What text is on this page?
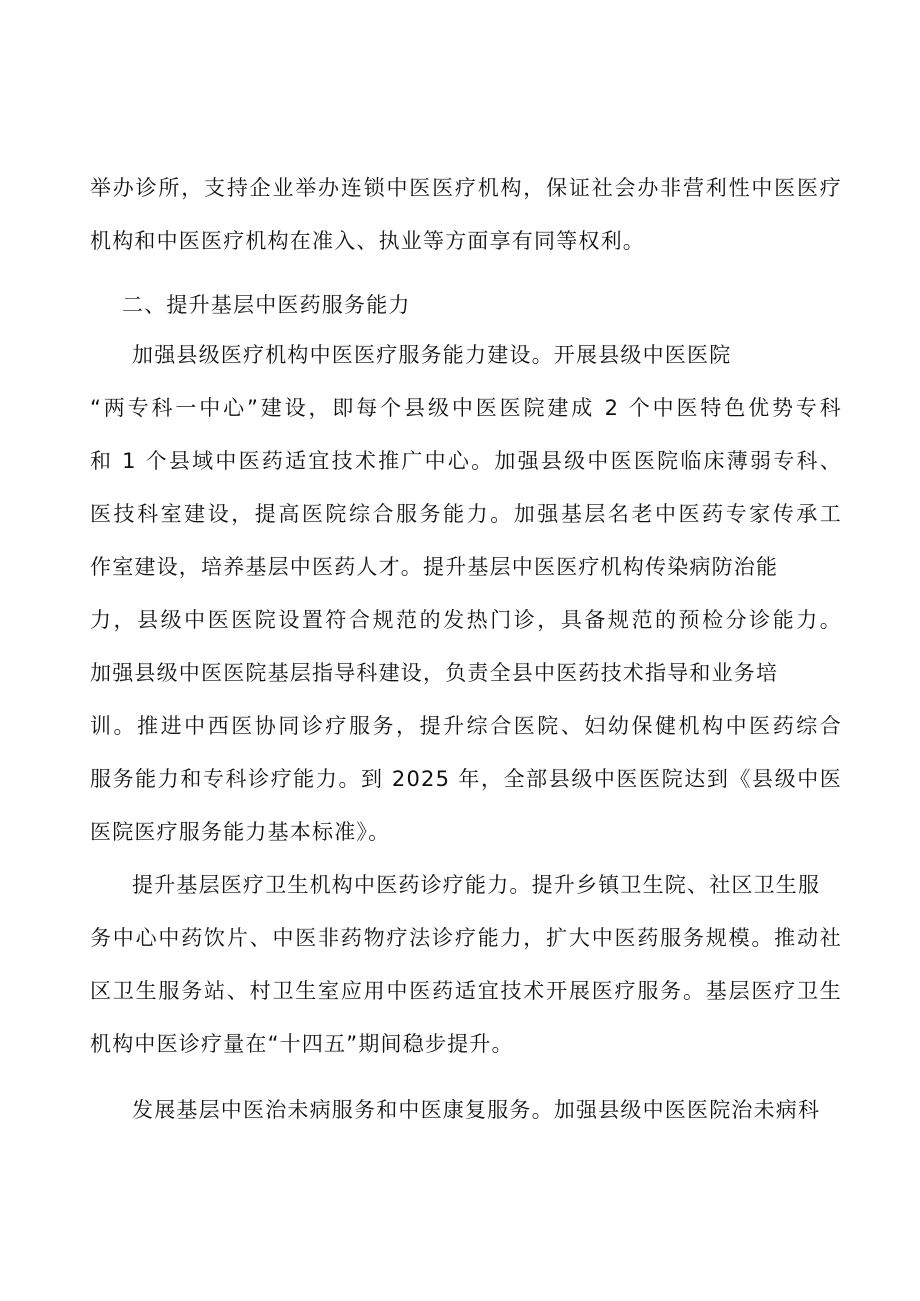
举办诊所，支持企业举办连锁中医医疗机构，保证社会办非营利性中医医疗
机构和中医医疗机构在准入、执业等方面享有同等权利。
二、提升基层中医药服务能力
加强县级医疗机构中医医疗服务能力建设。开展县级中医医院
“两专科一中心”建设，即每个县级中医医院建成 2 个中医特色优势专科
和 1 个县域中医药适宜技术推广中心。加强县级中医医院临床薄弱专科、
医技科室建设，提高医院综合服务能力。加强基层名老中医药专家传承工
作室建设，培养基层中医药人才。提升基层中医医疗机构传染病防治能
力，县级中医医院设置符合规范的发热门诊，具备规范的预检分诊能力。
加强县级中医医院基层指导科建设，负责全县中医药技术指导和业务培
训。推进中西医协同诊疗服务，提升综合医院、妇幼保健机构中医药综合
服务能力和专科诊疗能力。到 2025 年，全部县级中医医院达到《县级中医
医院医疗服务能力基本标准》。
提升基层医疗卫生机构中医药诊疗能力。提升乡镇卫生院、社区卫生服
务中心中药饮片、中医非药物疗法诊疗能力，扩大中医药服务规模。推动社
区卫生服务站、村卫生室应用中医药适宜技术开展医疗服务。基层医疗卫生
机构中医诊疗量在“十四五”期间稳步提升。
发展基层中医治未病服务和中医康复服务。加强县级中医医院治未病科
